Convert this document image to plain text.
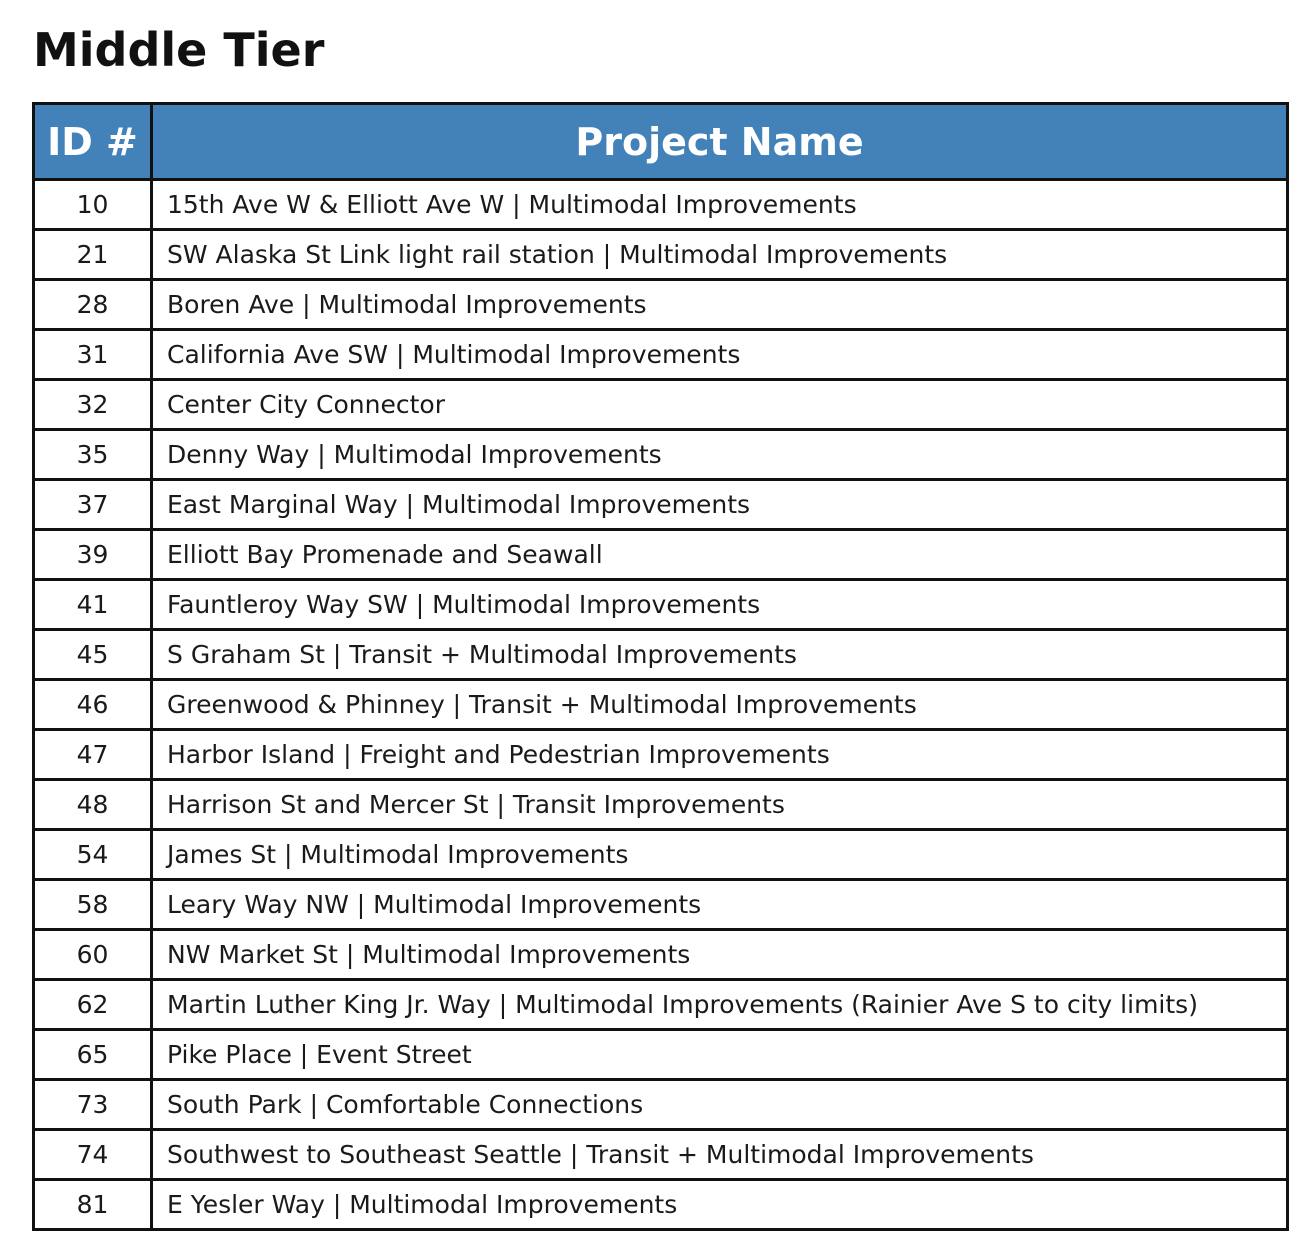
Middle Tier
ID #	Project Name
10	15th Ave W & Elliott Ave W | Multimodal Improvements
21	SW Alaska St Link light rail station | Multimodal Improvements
28	Boren Ave | Multimodal Improvements
31	California Ave SW | Multimodal Improvements
32	Center City Connector
35	Denny Way | Multimodal Improvements
37	East Marginal Way | Multimodal Improvements
39	Elliott Bay Promenade and Seawall
41	Fauntleroy Way SW | Multimodal Improvements
45	S Graham St | Transit + Multimodal Improvements
46	Greenwood & Phinney | Transit + Multimodal Improvements
47	Harbor Island | Freight and Pedestrian Improvements
48	Harrison St and Mercer St | Transit Improvements
54	James St | Multimodal Improvements
58	Leary Way NW | Multimodal Improvements
60	NW Market St | Multimodal Improvements
62	Martin Luther King Jr. Way | Multimodal Improvements (Rainier Ave S to city limits)
65	Pike Place | Event Street
73	South Park | Comfortable Connections
74	Southwest to Southeast Seattle | Transit + Multimodal Improvements
81	E Yesler Way | Multimodal Improvements
